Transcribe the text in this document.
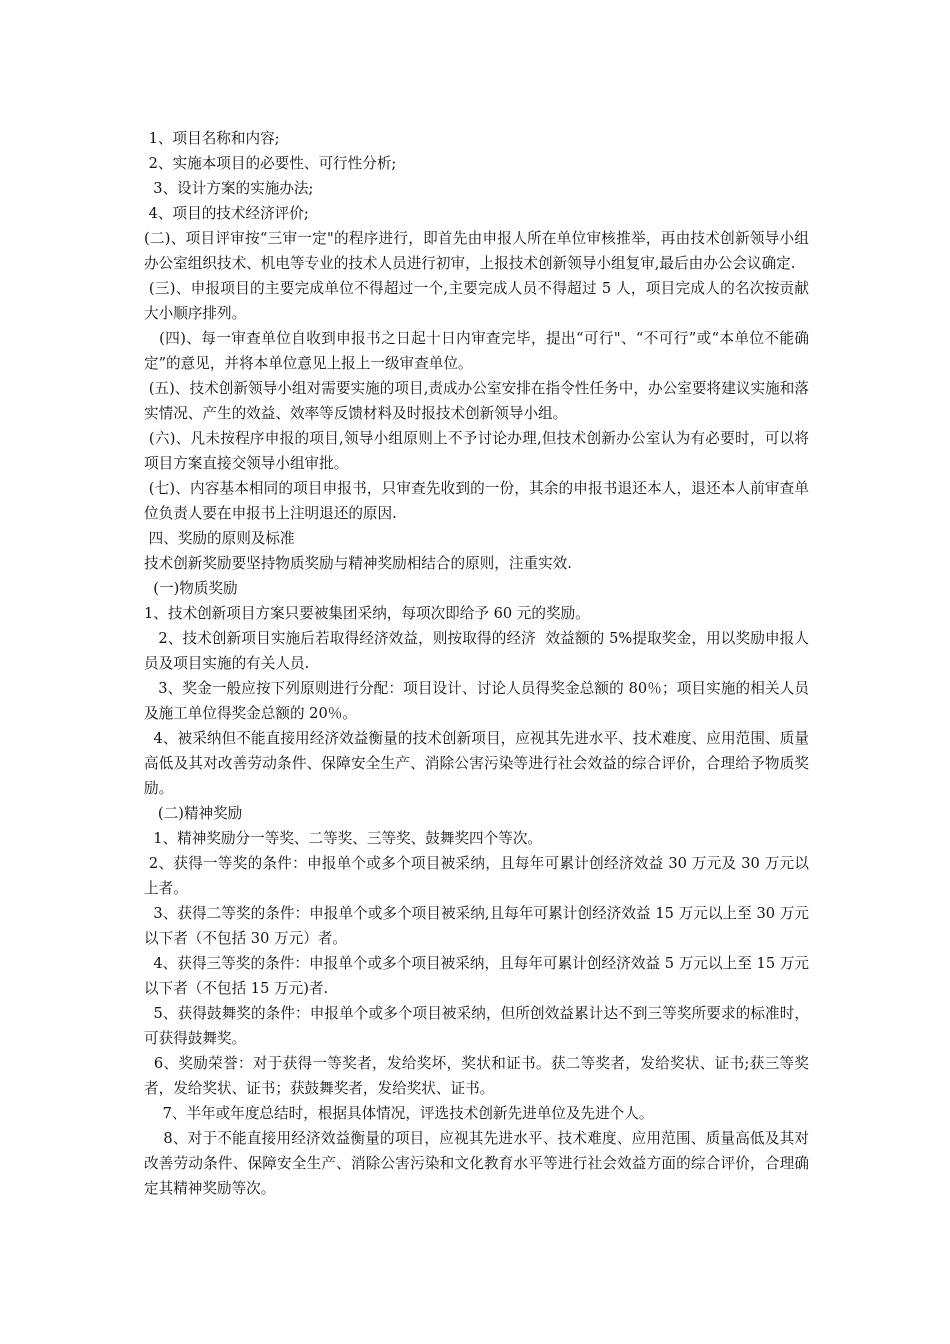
1、项目名称和内容;

2、实施本项目的必要性、可行性分析;

3、设计方案的实施办法;

4、项目的技术经济评价;

(二)、项目评审按“三审一定"的程序进行，即首先由申报人所在单位审核推举，再由技术创新领导小组办公室组织技术、机电等专业的技术人员进行初审，上报技术创新领导小组复审,最后由办公会议确定.

(三)、申报项目的主要完成单位不得超过一个,主要完成人员不得超过 5 人，项目完成人的名次按贡献大小顺序排列。

(四)、每一审查单位自收到申报书之日起十日内审查完毕，提出“可行"、“不可行”或“本单位不能确定”的意见，并将本单位意见上报上一级审查单位。

(五)、技术创新领导小组对需要实施的项目,责成办公室安排在指令性任务中，办公室要将建议实施和落实情况、产生的效益、效率等反馈材料及时报技术创新领导小组。

(六)、凡未按程序申报的项目,领导小组原则上不予讨论办理,但技术创新办公室认为有必要时，可以将项目方案直接交领导小组审批。

(七)、内容基本相同的项目申报书，只审查先收到的一份，其余的申报书退还本人，退还本人前审查单位负责人要在申报书上注明退还的原因.

四、奖励的原则及标准

技术创新奖励要坚持物质奖励与精神奖励相结合的原则，注重实效.

(一)物质奖励

1、技术创新项目方案只要被集团采纳，每项次即给予 60 元的奖励。

2、技术创新项目实施后若取得经济效益，则按取得的经济  效益额的 5%提取奖金，用以奖励申报人员及项目实施的有关人员.

3、奖金一般应按下列原则进行分配：项目设计、讨论人员得奖金总额的 80％；项目实施的相关人员及施工单位得奖金总额的 20％。

4、被采纳但不能直接用经济效益衡量的技术创新项目，应视其先进水平、技术难度、应用范围、质量高低及其对改善劳动条件、保障安全生产、消除公害污染等进行社会效益的综合评价，合理给予物质奖励。

(二)精神奖励

1、精神奖励分一等奖、二等奖、三等奖、鼓舞奖四个等次。

2、获得一等奖的条件：申报单个或多个项目被采纳，且每年可累计创经济效益 30 万元及 30 万元以上者。

3、获得二等奖的条件：申报单个或多个项目被采纳,且每年可累计创经济效益 15 万元以上至 30 万元以下者（不包括 30 万元）者。

4、获得三等奖的条件：申报单个或多个项目被采纳，且每年可累计创经济效益 5 万元以上至 15 万元以下者（不包括 15 万元)者.

5、获得鼓舞奖的条件：申报单个或多个项目被采纳，但所创效益累计达不到三等奖所要求的标准时，可获得鼓舞奖。

6、奖励荣誉：对于获得一等奖者，发给奖坏，奖状和证书。获二等奖者，发给奖状、证书;获三等奖者，发给奖状、证书；获鼓舞奖者，发给奖状、证书。

7、半年或年度总结时，根据具体情况，评选技术创新先进单位及先进个人。

8、对于不能直接用经济效益衡量的项目，应视其先进水平、技术难度、应用范围、质量高低及其对改善劳动条件、保障安全生产、消除公害污染和文化教育水平等进行社会效益方面的综合评价，合理确定其精神奖励等次。
